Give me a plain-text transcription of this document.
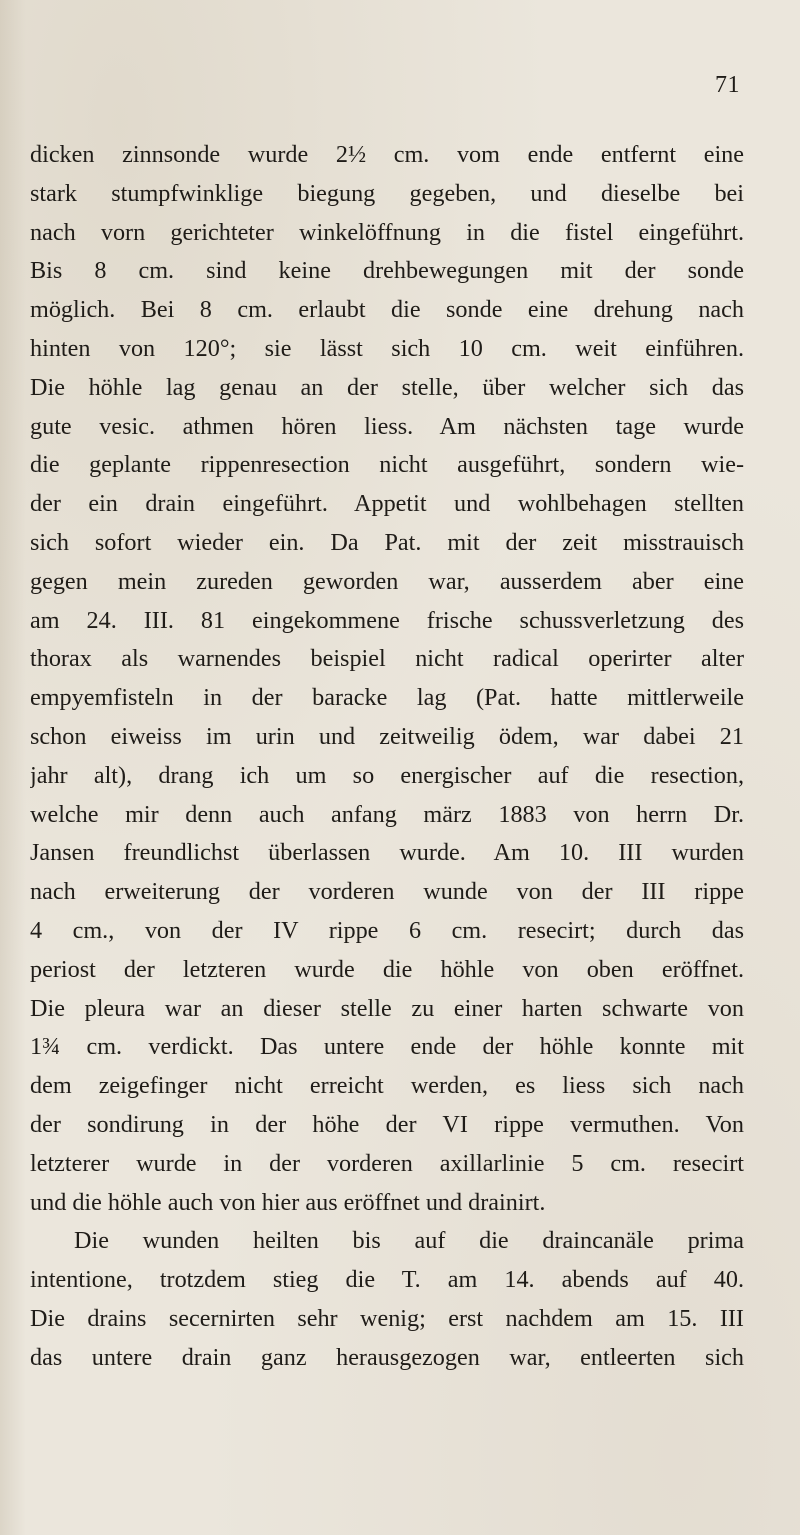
71
dicken zinnsonde wurde 2½ cm. vom ende entfernt eine
stark stumpfwinklige biegung gegeben, und dieselbe bei
nach vorn gerichteter winkelöffnung in die fistel eingeführt.
Bis 8 cm. sind keine drehbewegungen mit der sonde
möglich. Bei 8 cm. erlaubt die sonde eine drehung nach
hinten von 120°; sie lässt sich 10 cm. weit einführen.
Die höhle lag genau an der stelle, über welcher sich das
gute vesic. athmen hören liess. Am nächsten tage wurde
die geplante rippenresection nicht ausgeführt, sondern wie-
der ein drain eingeführt. Appetit und wohlbehagen stellten
sich sofort wieder ein. Da Pat. mit der zeit misstrauisch
gegen mein zureden geworden war, ausserdem aber eine
am 24. III. 81 eingekommene frische schussverletzung des
thorax als warnendes beispiel nicht radical operirter alter
empyemfisteln in der baracke lag (Pat. hatte mittlerweile
schon eiweiss im urin und zeitweilig ödem, war dabei 21
jahr alt), drang ich um so energischer auf die resection,
welche mir denn auch anfang märz 1883 von herrn Dr.
Jansen freundlichst überlassen wurde. Am 10. III wurden
nach erweiterung der vorderen wunde von der III rippe
4 cm., von der IV rippe 6 cm. resecirt; durch das
periost der letzteren wurde die höhle von oben eröffnet.
Die pleura war an dieser stelle zu einer harten schwarte von
1¾ cm. verdickt. Das untere ende der höhle konnte mit
dem zeigefinger nicht erreicht werden, es liess sich nach
der sondirung in der höhe der VI rippe vermuthen. Von
letzterer wurde in der vorderen axillarlinie 5 cm. resecirt
und die höhle auch von hier aus eröffnet und drainirt.
Die wunden heilten bis auf die draincanäle prima
intentione, trotzdem stieg die T. am 14. abends auf 40.
Die drains secernirten sehr wenig; erst nachdem am 15. III
das untere drain ganz herausgezogen war, entleerten sich
